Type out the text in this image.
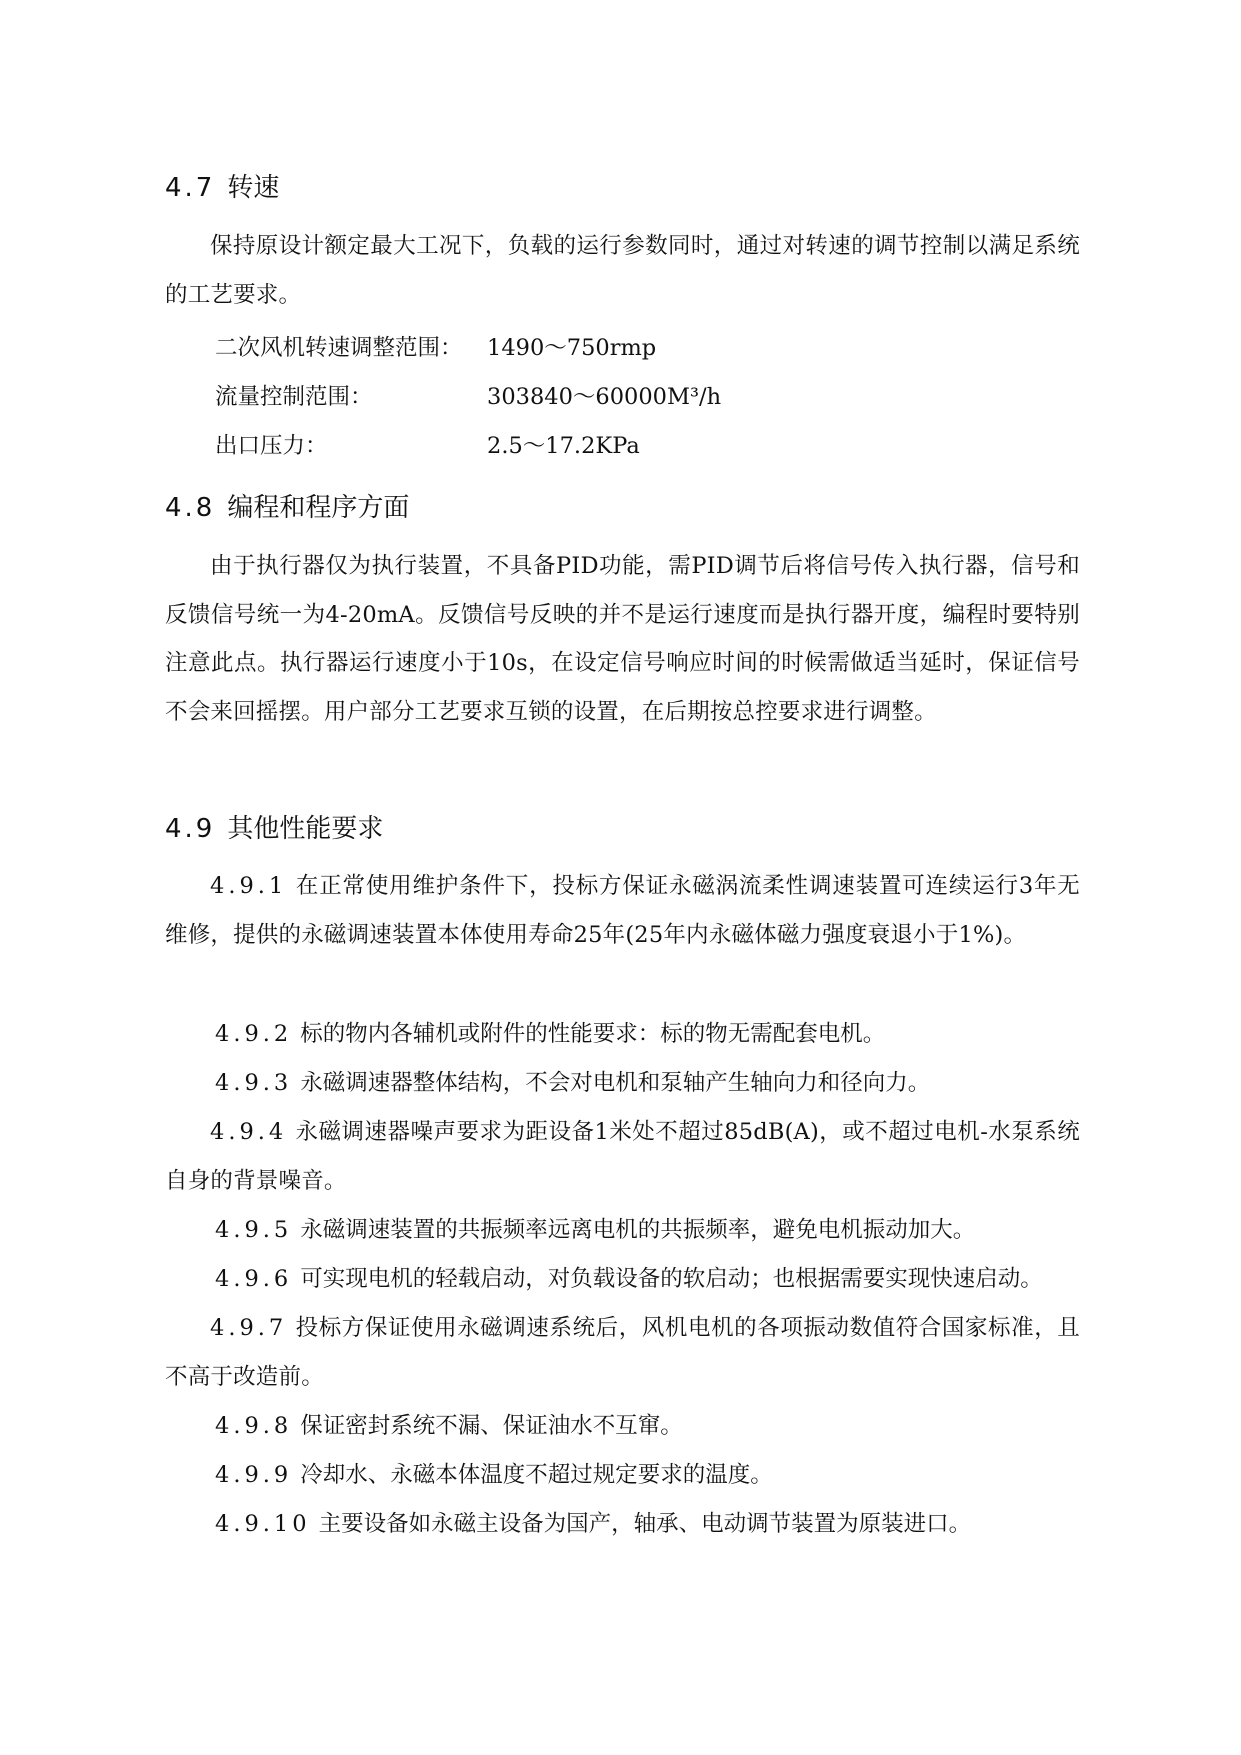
4.7 转速
保持原设计额定最大工况下，负载的运行参数同时，通过对转速的调节控制以满足系统的工艺要求。
二次风机转速调整范围： 1490～750rmp
流量控制范围：	303840～60000M³/h
出口压力：	2.5～17.2KPa
4.8 编程和程序方面
由于执行器仅为执行装置，不具备PID功能，需PID调节后将信号传入执行器，信号和反馈信号统一为4-20mA。反馈信号反映的并不是运行速度而是执行器开度，编程时要特别注意此点。执行器运行速度小于10s，在设定信号响应时间的时候需做适当延时，保证信号不会来回摇摆。用户部分工艺要求互锁的设置，在后期按总控要求进行调整。
4.9 其他性能要求
4.9.1 在正常使用维护条件下，投标方保证永磁涡流柔性调速装置可连续运行3年无维修，提供的永磁调速装置本体使用寿命25年(25年内永磁体磁力强度衰退小于1%)。
4.9.2 标的物内各辅机或附件的性能要求：标的物无需配套电机。
4.9.3 永磁调速器整体结构，不会对电机和泵轴产生轴向力和径向力。
4.9.4 永磁调速器噪声要求为距设备1米处不超过85dB(A)，或不超过电机-水泵系统自身的背景噪音。
4.9.5 永磁调速装置的共振频率远离电机的共振频率，避免电机振动加大。
4.9.6 可实现电机的轻载启动，对负载设备的软启动；也根据需要实现快速启动。
4.9.7 投标方保证使用永磁调速系统后，风机电机的各项振动数值符合国家标准，且不高于改造前。
4.9.8 保证密封系统不漏、保证油水不互窜。
4.9.9 冷却水、永磁本体温度不超过规定要求的温度。
4.9.10 主要设备如永磁主设备为国产，轴承、电动调节装置为原装进口。
